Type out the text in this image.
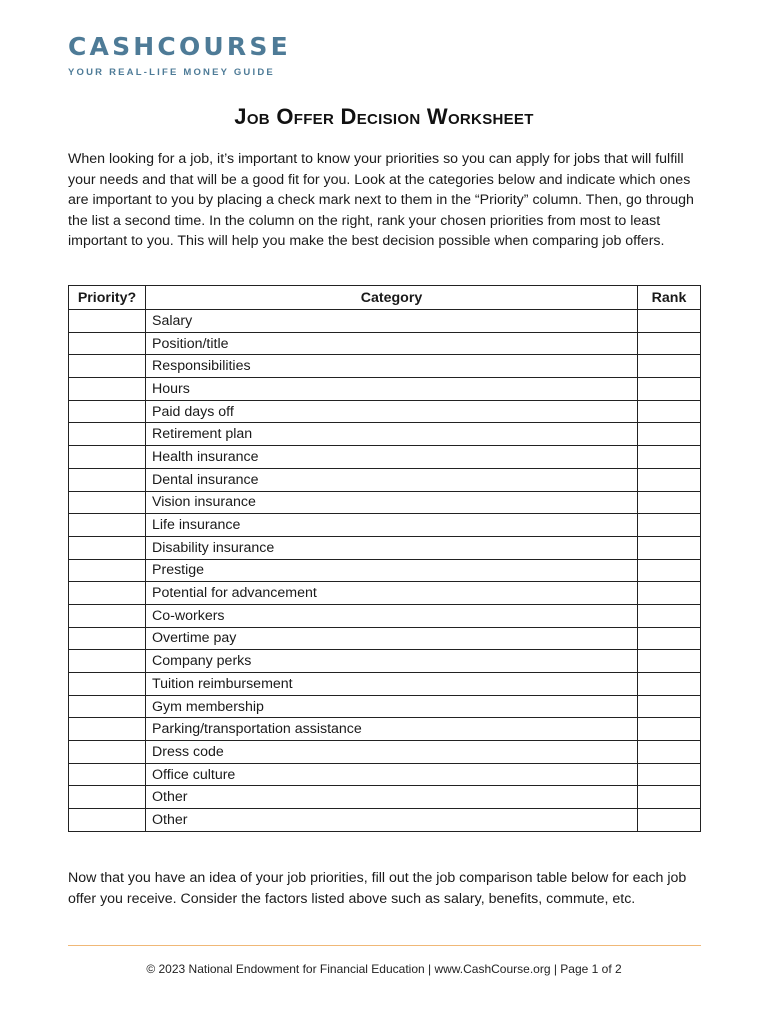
CASHCOURSE
YOUR REAL-LIFE MONEY GUIDE
Job Offer Decision Worksheet

When looking for a job, it’s important to know your priorities so you can apply for jobs that will fulfill your needs and that will be a good fit for you. Look at the categories below and indicate which ones are important to you by placing a check mark next to them in the “Priority” column. Then, go through the list a second time. In the column on the right, rank your chosen priorities from most to least important to you. This will help you make the best decision possible when comparing job offers.

Priority?	Category	Rank
	Salary	
	Position/title	
	Responsibilities	
	Hours	
	Paid days off	
	Retirement plan	
	Health insurance	
	Dental insurance	
	Vision insurance	
	Life insurance	
	Disability insurance	
	Prestige	
	Potential for advancement	
	Co-workers	
	Overtime pay	
	Company perks	
	Tuition reimbursement	
	Gym membership	
	Parking/transportation assistance	
	Dress code	
	Office culture	
	Other	
	Other	

Now that you have an idea of your job priorities, fill out the job comparison table below for each job offer you receive. Consider the factors listed above such as salary, benefits, commute, etc.

© 2023 National Endowment for Financial Education | www.CashCourse.org | Page 1 of 2
